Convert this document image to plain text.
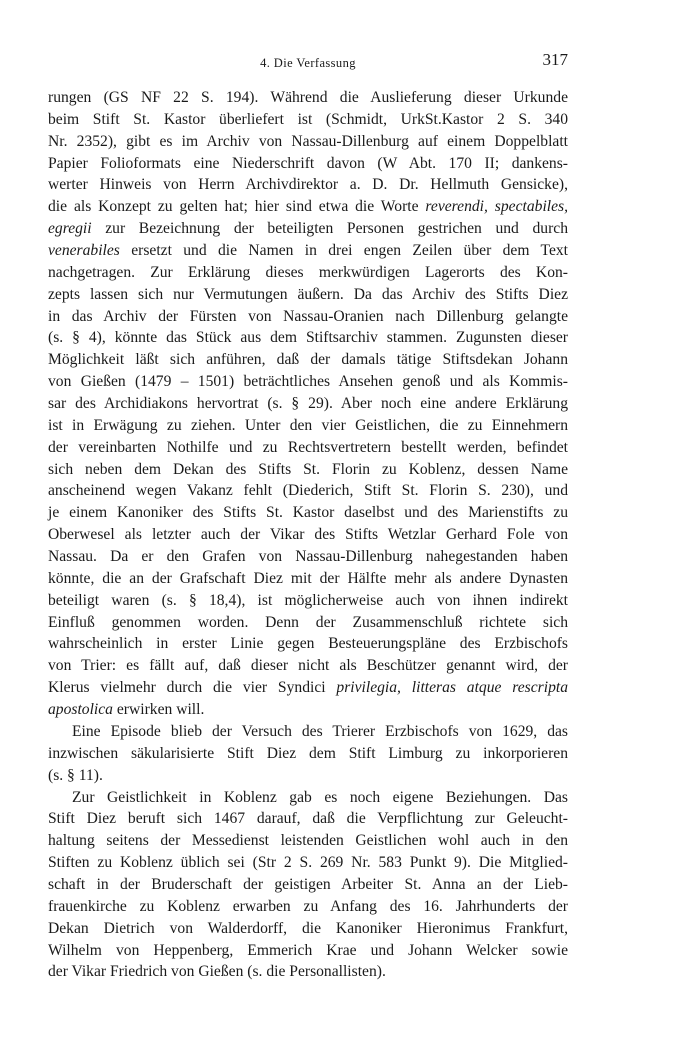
4. Die Verfassung	317
rungen (GS NF 22 S. 194). Während die Auslieferung dieser Urkunde
beim Stift St. Kastor überliefert ist (Schmidt, UrkSt.Kastor 2 S. 340
Nr. 2352), gibt es im Archiv von Nassau-Dillenburg auf einem Doppelblatt
Papier Folioformats eine Niederschrift davon (W Abt. 170 II; dankens-
werter Hinweis von Herrn Archivdirektor a. D. Dr. Hellmuth Gensicke),
die als Konzept zu gelten hat; hier sind etwa die Worte reverendi, spectabiles,
egregii zur Bezeichnung der beteiligten Personen gestrichen und durch
venerabiles ersetzt und die Namen in drei engen Zeilen über dem Text
nachgetragen. Zur Erklärung dieses merkwürdigen Lagerorts des Kon-
zepts lassen sich nur Vermutungen äußern. Da das Archiv des Stifts Diez
in das Archiv der Fürsten von Nassau-Oranien nach Dillenburg gelangte
(s. § 4), könnte das Stück aus dem Stiftsarchiv stammen. Zugunsten dieser
Möglichkeit läßt sich anführen, daß der damals tätige Stiftsdekan Johann
von Gießen (1479 – 1501) beträchtliches Ansehen genoß und als Kommis-
sar des Archidiakons hervortrat (s. § 29). Aber noch eine andere Erklärung
ist in Erwägung zu ziehen. Unter den vier Geistlichen, die zu Einnehmern
der vereinbarten Nothilfe und zu Rechtsvertretern bestellt werden, befindet
sich neben dem Dekan des Stifts St. Florin zu Koblenz, dessen Name
anscheinend wegen Vakanz fehlt (Diederich, Stift St. Florin S. 230), und
je einem Kanoniker des Stifts St. Kastor daselbst und des Marienstifts zu
Oberwesel als letzter auch der Vikar des Stifts Wetzlar Gerhard Fole von
Nassau. Da er den Grafen von Nassau-Dillenburg nahegestanden haben
könnte, die an der Grafschaft Diez mit der Hälfte mehr als andere Dynasten
beteiligt waren (s. § 18,4), ist möglicherweise auch von ihnen indirekt
Einfluß genommen worden. Denn der Zusammenschluß richtete sich
wahrscheinlich in erster Linie gegen Besteuerungspläne des Erzbischofs
von Trier: es fällt auf, daß dieser nicht als Beschützer genannt wird, der
Klerus vielmehr durch die vier Syndici privilegia, litteras atque rescripta
apostolica erwirken will.
Eine Episode blieb der Versuch des Trierer Erzbischofs von 1629, das
inzwischen säkularisierte Stift Diez dem Stift Limburg zu inkorporieren
(s. § 11).
Zur Geistlichkeit in Koblenz gab es noch eigene Beziehungen. Das
Stift Diez beruft sich 1467 darauf, daß die Verpflichtung zur Geleucht-
haltung seitens der Messedienst leistenden Geistlichen wohl auch in den
Stiften zu Koblenz üblich sei (Str 2 S. 269 Nr. 583 Punkt 9). Die Mitglied-
schaft in der Bruderschaft der geistigen Arbeiter St. Anna an der Lieb-
frauenkirche zu Koblenz erwarben zu Anfang des 16. Jahrhunderts der
Dekan Dietrich von Walderdorff, die Kanoniker Hieronimus Frankfurt,
Wilhelm von Heppenberg, Emmerich Krae und Johann Welcker sowie
der Vikar Friedrich von Gießen (s. die Personallisten).
